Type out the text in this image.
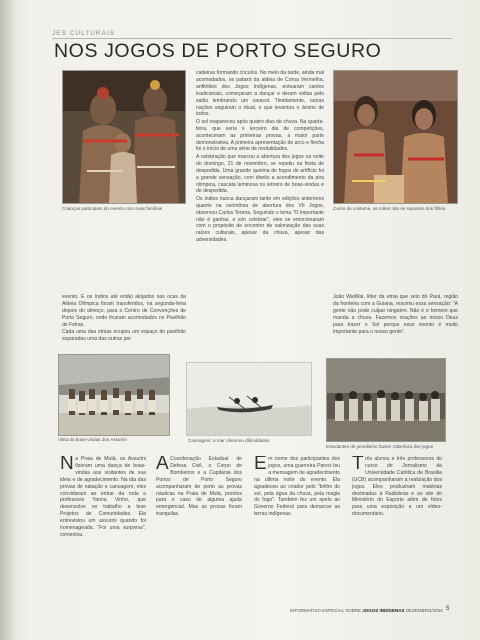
JES CULTURAIS
NOS JOGOS DE PORTO SEGURO
Crianças participam do evento com suas famílias	Curso de costume, as mães não se separam dos filhos

evento. E os índios até então alojados nas ocas da Aldeia Olímpica foram transferidos, na segunda-feira depois do almoço, para o Centro de Convenções de Porto Seguro, onde ficaram acomodados no Pavilhão de Feiras.

Cada uma das etnias ocupou um espaço do pavilhão separadas uma das outras por

cadeiras formando círculos. No meio da tarde, ainda mal acomodados, os pataxó da aldeia de Coroa Vermelha, anfitriões dos Jogos Indígenas, entoaram cantos tradicionais, começaram a dançar e deram voltas pelo salão lembrando um caracol. Timidamente, outras nações seguiram o ritual, o que levantou o ânimo de todos.

O sol reapareceu após quatro dias de chuva. Na quarta-feira, que seria o terceiro dia de competições, aconteceram as primeiras provas, a maior parte demonstrativa. A primeira apresentação de arco e flecha foi o início de uma série de modalidades.

A celebração que marcou a abertura dos jogos na noite do domingo, 21 de novembro, se repetiu na festa de despedida. Uma grande queima de fogos de artifício foi a grande sensação, com direito a acendimento da pira olímpica, cascata luminosa no letreiro de boas-vindas e de despedida.

Os índios nunca dançaram tanto em edições anteriores quanto na cerimônia de abertura dos VII Jogos, observou Carlos Terena. Seguindo o lema "O importante não é ganhar, e sim celebrar", eles se emocionaram com o propósito de encontro de valorização das suas raízes culturais, apesar da chuva, apesar das adversidades.

João WaiWai, líder da etnia que veio do Pará, região da fronteira com a Guiana, resumiu essa sensação: "A gente não pode culpar ninguém. Não é o homem que manda a chuva. Fazemos orações ao nosso Deus para trazer o Sol porque esse evento é muito importante para o nosso gente".

Vista da boas-vindas dos Assurini	Canoagem: a mar ofereceu dificuldades
Estudantes de jornalismo fazem cobertura dos jogos
Na Praia de Mutá, os Assurini fizeram uma dança de boas-vindas aos visitantes de sua ideia e de agradecimento. Na ida das provas de natação e canoagem, eles convidaram ao entrar da roda a professora Yanna Vinho, que desenvolve no trabalho a tese Projetos de Comunidades. Ela entrevistou um assurini quando foi homenageada. "Foi uma surpresa", comentou.
A Coordenação Estadual de Defesa Civil, o Corpo de Bombeiros e a Capitania dos Portos de Porto Seguro acompanharam de perto as provas náuticas na Praia de Mutá, prontos para o caso de alguma ajuda emergencial. Mas as provas foram tranquilas.
Em nome dos participantes dos jogos, uma guerreira Pareci leu a mensagem de agradecimento na última noite do evento. Ela agradeceu ao criador pelo "brilho do sol, pela água da chuva, pela magia do fogo". Também fez um apelo ao Governo Federal para demarcar as terras indígenas.
Três alunos e três professores do curso de Jornalismo da Universidade Católica de Brasília (UCB) acompanharam a realização dos jogos. Eles produziram matérias destinadas à Radiobrás e ao site do Ministério do Esporte além de fotos para uma exposição e um vídeo-documentário.
INFORMATIVO ESPECIAL SOBRE JOGOS INDÍGENAS DEZEMBRO/2004 5
